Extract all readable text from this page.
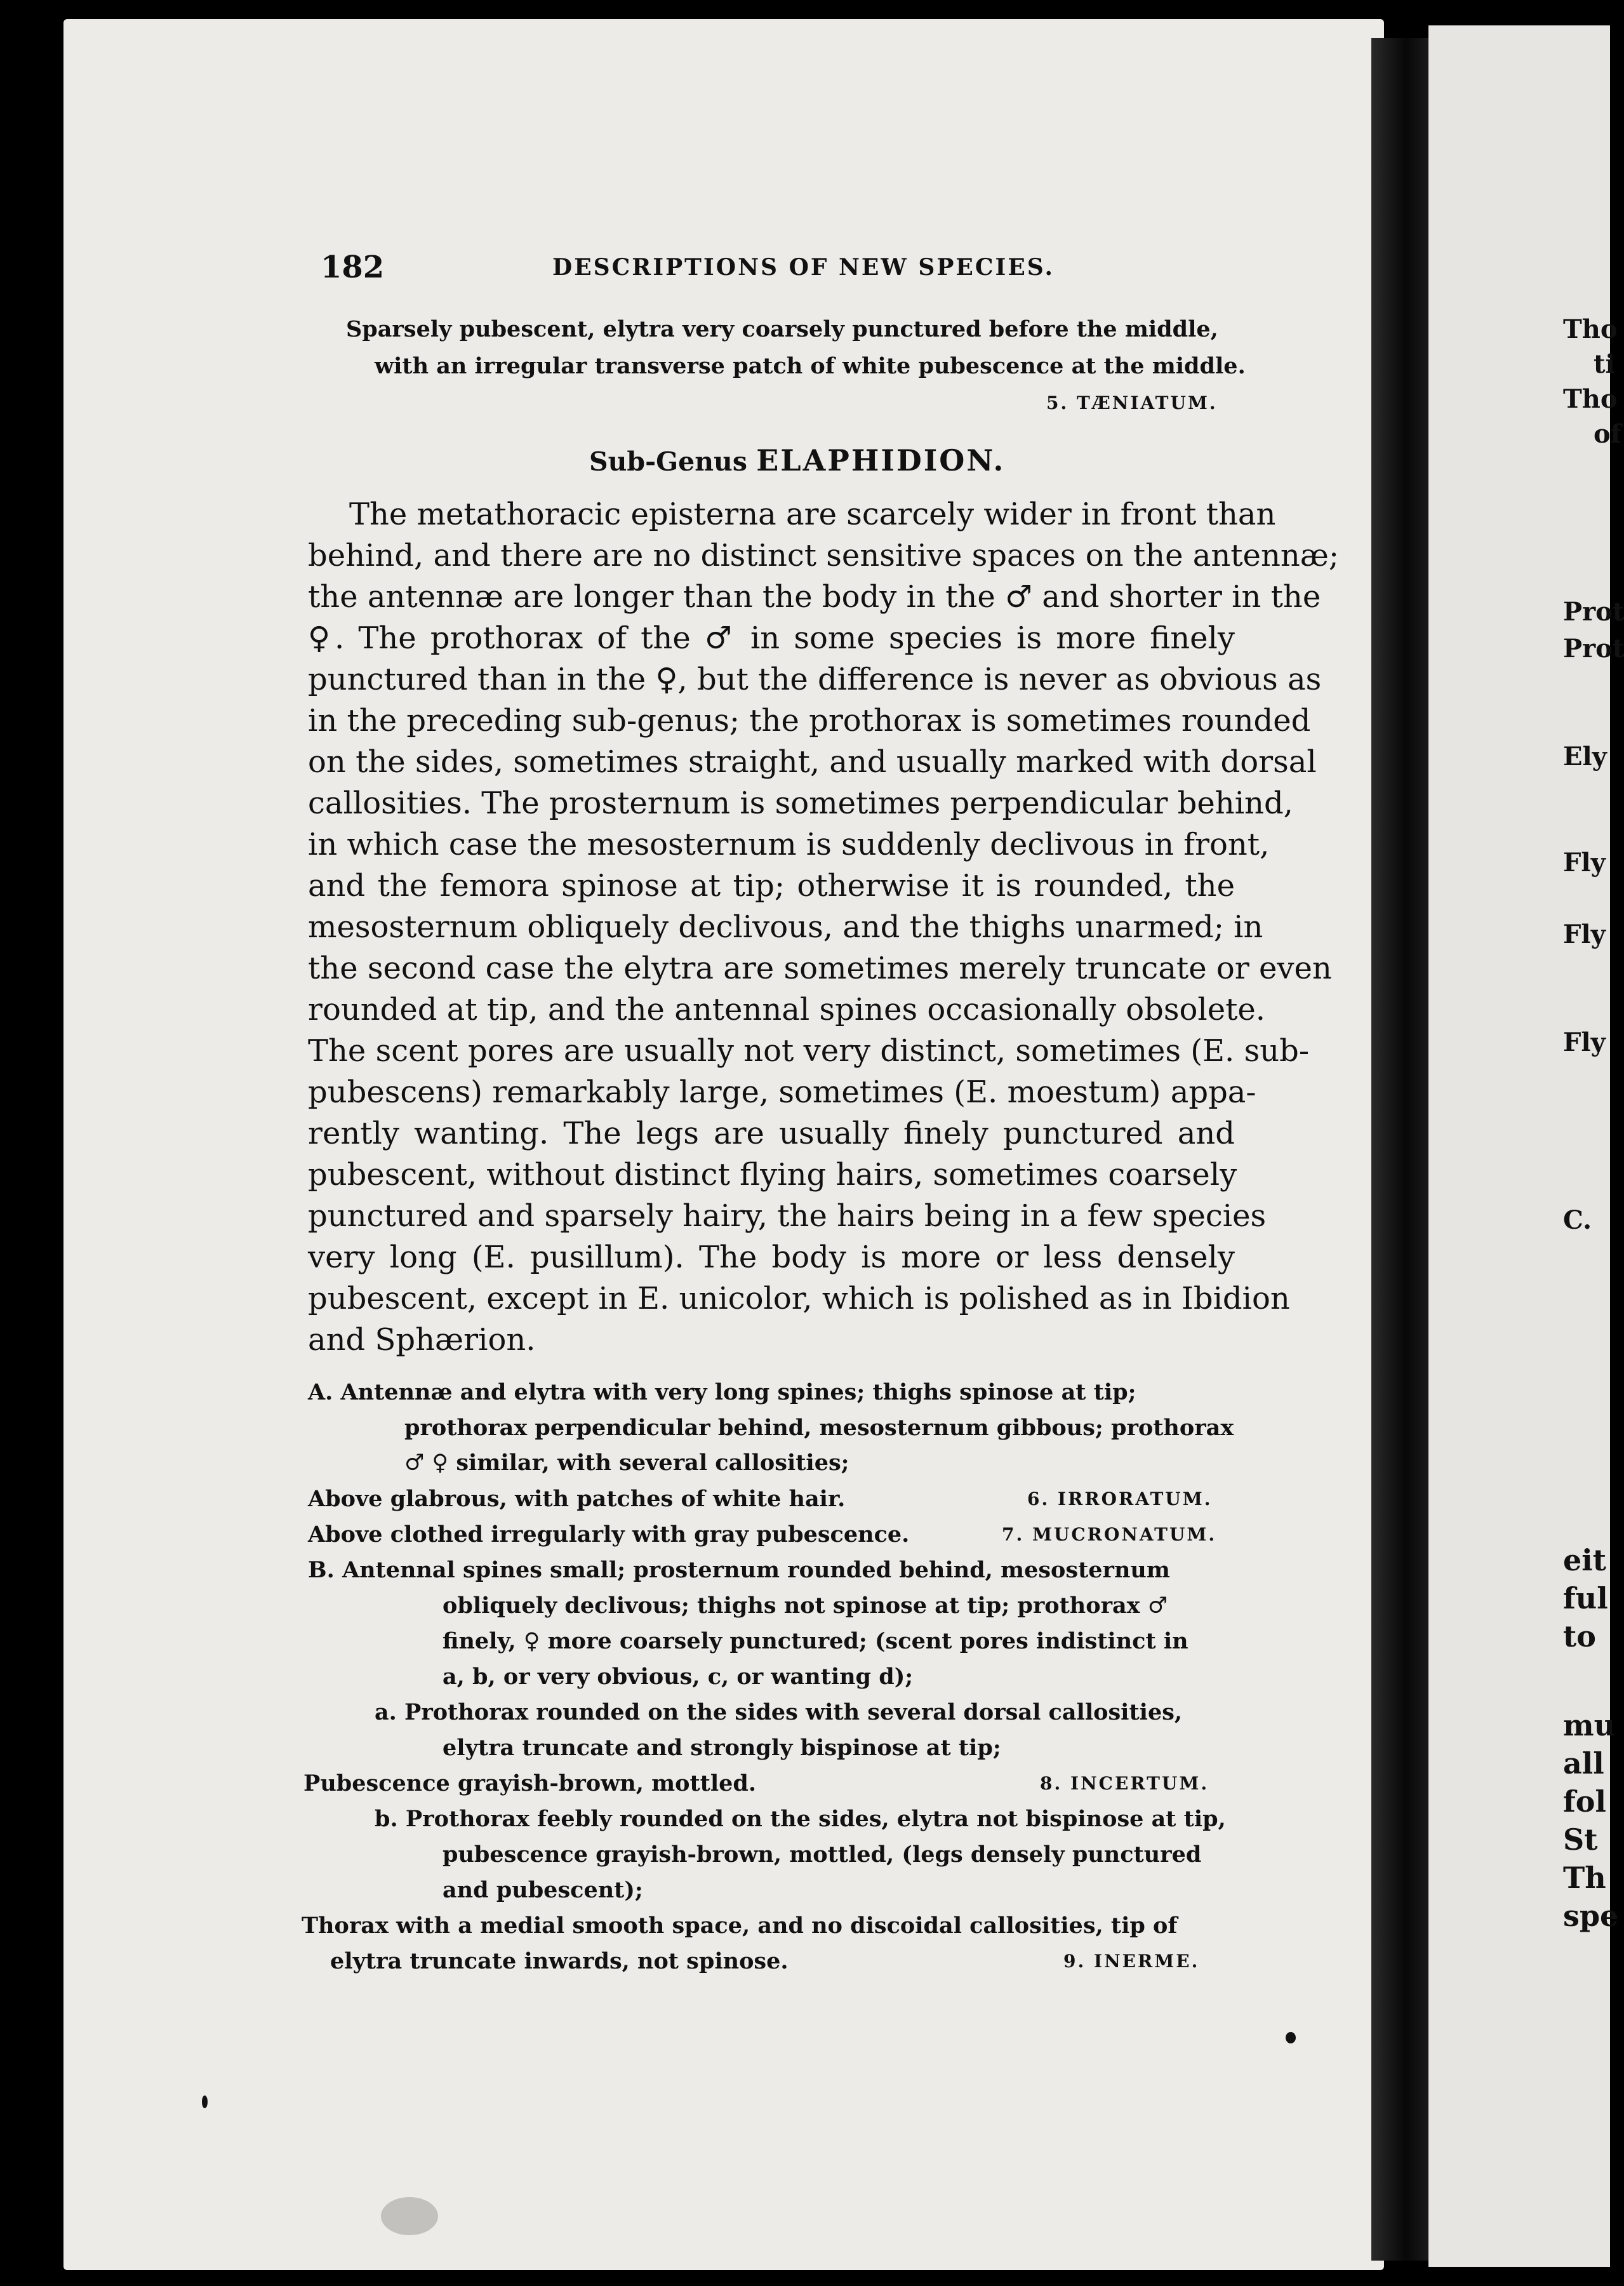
182	DESCRIPTIONS OF NEW SPECIES.
Sparsely pubescent, elytra very coarsely punctured before the middle,
with an irregular transverse patch of white pubescence at the middle.
5. TÆNIATUM.
Sub-Genus ELAPHIDION.
The metathoracic episterna are scarcely wider in front than
behind, and there are no distinct sensitive spaces on the antennæ;
the antennæ are longer than the body in the ♂ and shorter in the
♀. The prothorax of the ♂ in some species is more finely
punctured than in the ♀, but the difference is never as obvious as
in the preceding sub-genus; the prothorax is sometimes rounded
on the sides, sometimes straight, and usually marked with dorsal
callosities. The prosternum is sometimes perpendicular behind,
in which case the mesosternum is suddenly declivous in front,
and the femora spinose at tip; otherwise it is rounded, the
mesosternum obliquely declivous, and the thighs unarmed; in
the second case the elytra are sometimes merely truncate or even
rounded at tip, and the antennal spines occasionally obsolete.
The scent pores are usually not very distinct, sometimes (E. sub-
pubescens) remarkably large, sometimes (E. moestum) appa-
rently wanting. The legs are usually finely punctured and
pubescent, without distinct flying hairs, sometimes coarsely
punctured and sparsely hairy, the hairs being in a few species
very long (E. pusillum). The body is more or less densely
pubescent, except in E. unicolor, which is polished as in Ibidion
and Sphærion.
A. Antennæ and elytra with very long spines; thighs spinose at tip;
prothorax perpendicular behind, mesosternum gibbous; prothorax
♂ ♀ similar, with several callosities;
Above glabrous, with patches of white hair.	6. IRRORATUM.
Above clothed irregularly with gray pubescence.	7. MUCRONATUM.
B. Antennal spines small; prosternum rounded behind, mesosternum
obliquely declivous; thighs not spinose at tip; prothorax ♂
finely, ♀ more coarsely punctured; (scent pores indistinct in
a, b, or very obvious, c, or wanting d);
a. Prothorax rounded on the sides with several dorsal callosities,
elytra truncate and strongly bispinose at tip;
Pubescence grayish-brown, mottled.	8. INCERTUM.
b. Prothorax feebly rounded on the sides, elytra not bispinose at tip,
pubescence grayish-brown, mottled, (legs densely punctured
and pubescent);
Thorax with a medial smooth space, and no discoidal callosities, tip of
elytra truncate inwards, not spinose.	9. INERME.
Tho
ti
Tho
of
Prot
Prot
Ely
Fly
Fly
Fly
C.
eit
ful
to
mu
all
fol
St
Th
spe
